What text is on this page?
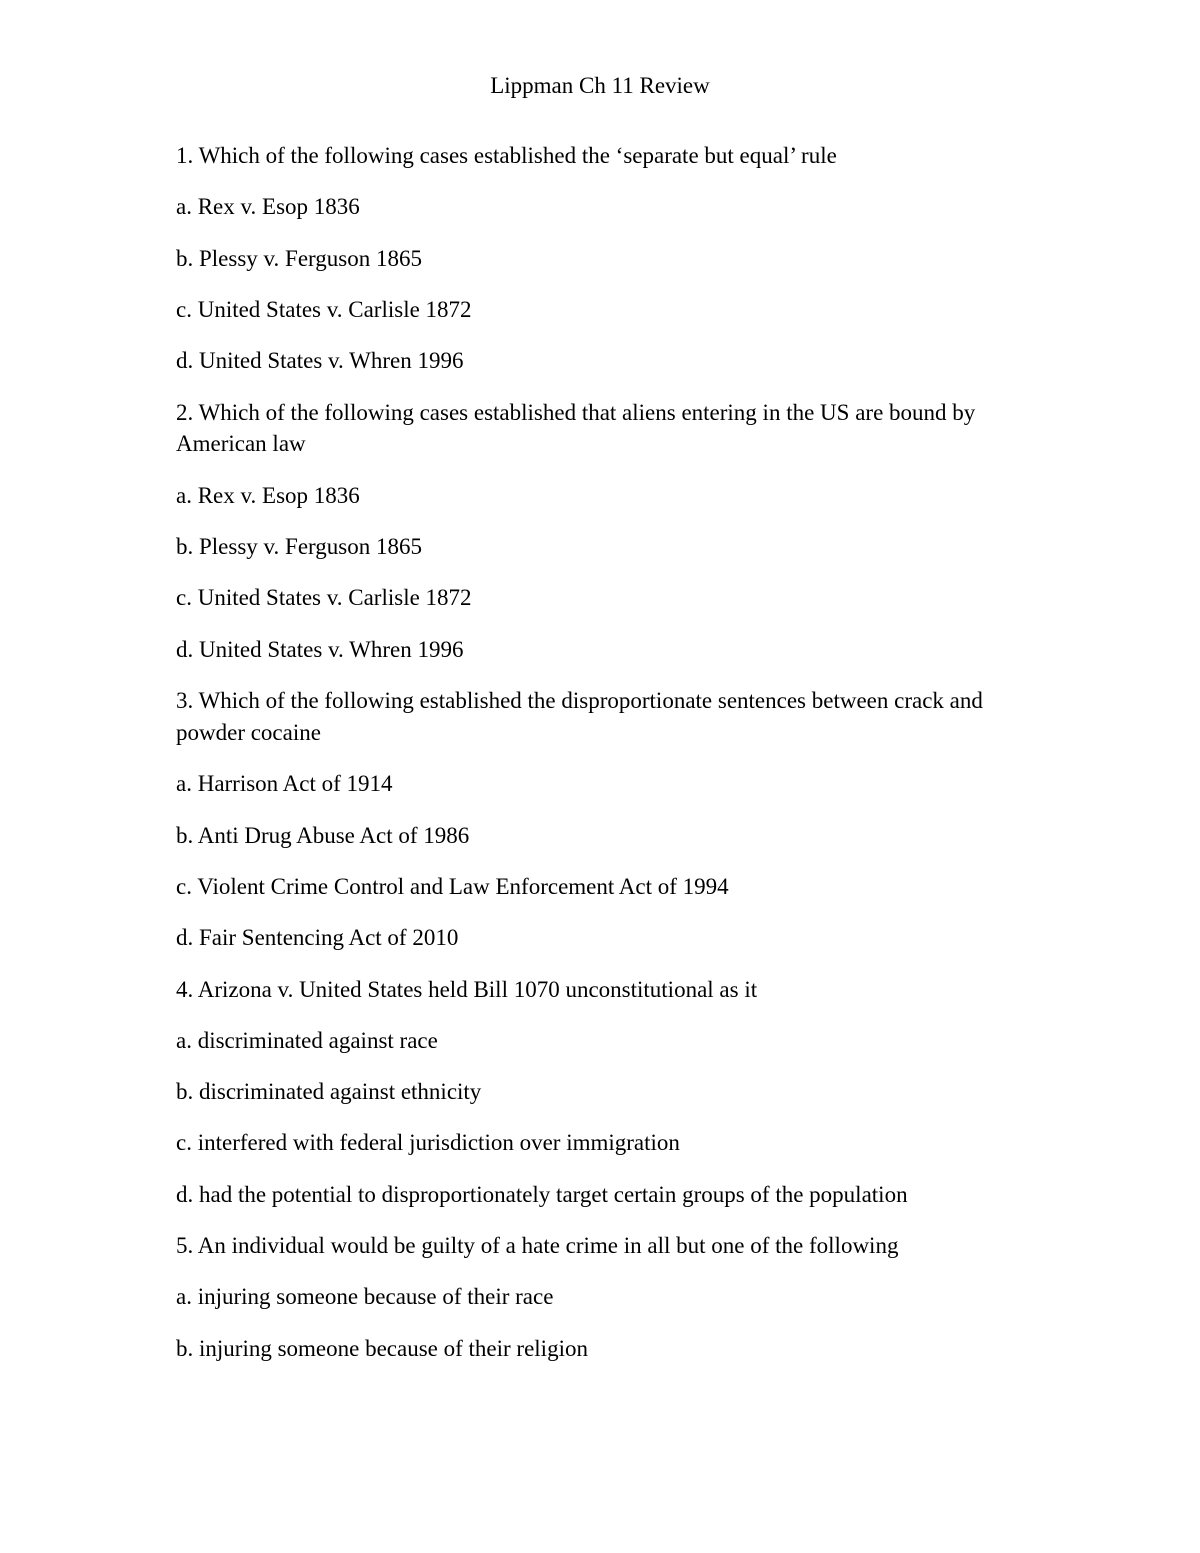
Lippman Ch 11 Review
1. Which of the following cases established the ‘separate but equal’ rule
a. Rex v. Esop 1836
b. Plessy v. Ferguson 1865
c. United States v. Carlisle 1872
d. United States v. Whren 1996
2. Which of the following cases established that aliens entering in the US are bound by
American law
a. Rex v. Esop 1836
b. Plessy v. Ferguson 1865
c. United States v. Carlisle 1872
d. United States v. Whren 1996
3. Which of the following established the disproportionate sentences between crack and
powder cocaine
a. Harrison Act of 1914
b. Anti Drug Abuse Act of 1986
c. Violent Crime Control and Law Enforcement Act of 1994
d. Fair Sentencing Act of 2010
4. Arizona v. United States held Bill 1070 unconstitutional as it
a. discriminated against race
b. discriminated against ethnicity
c. interfered with federal jurisdiction over immigration
d. had the potential to disproportionately target certain groups of the population
5. An individual would be guilty of a hate crime in all but one of the following
a. injuring someone because of their race
b. injuring someone because of their religion
